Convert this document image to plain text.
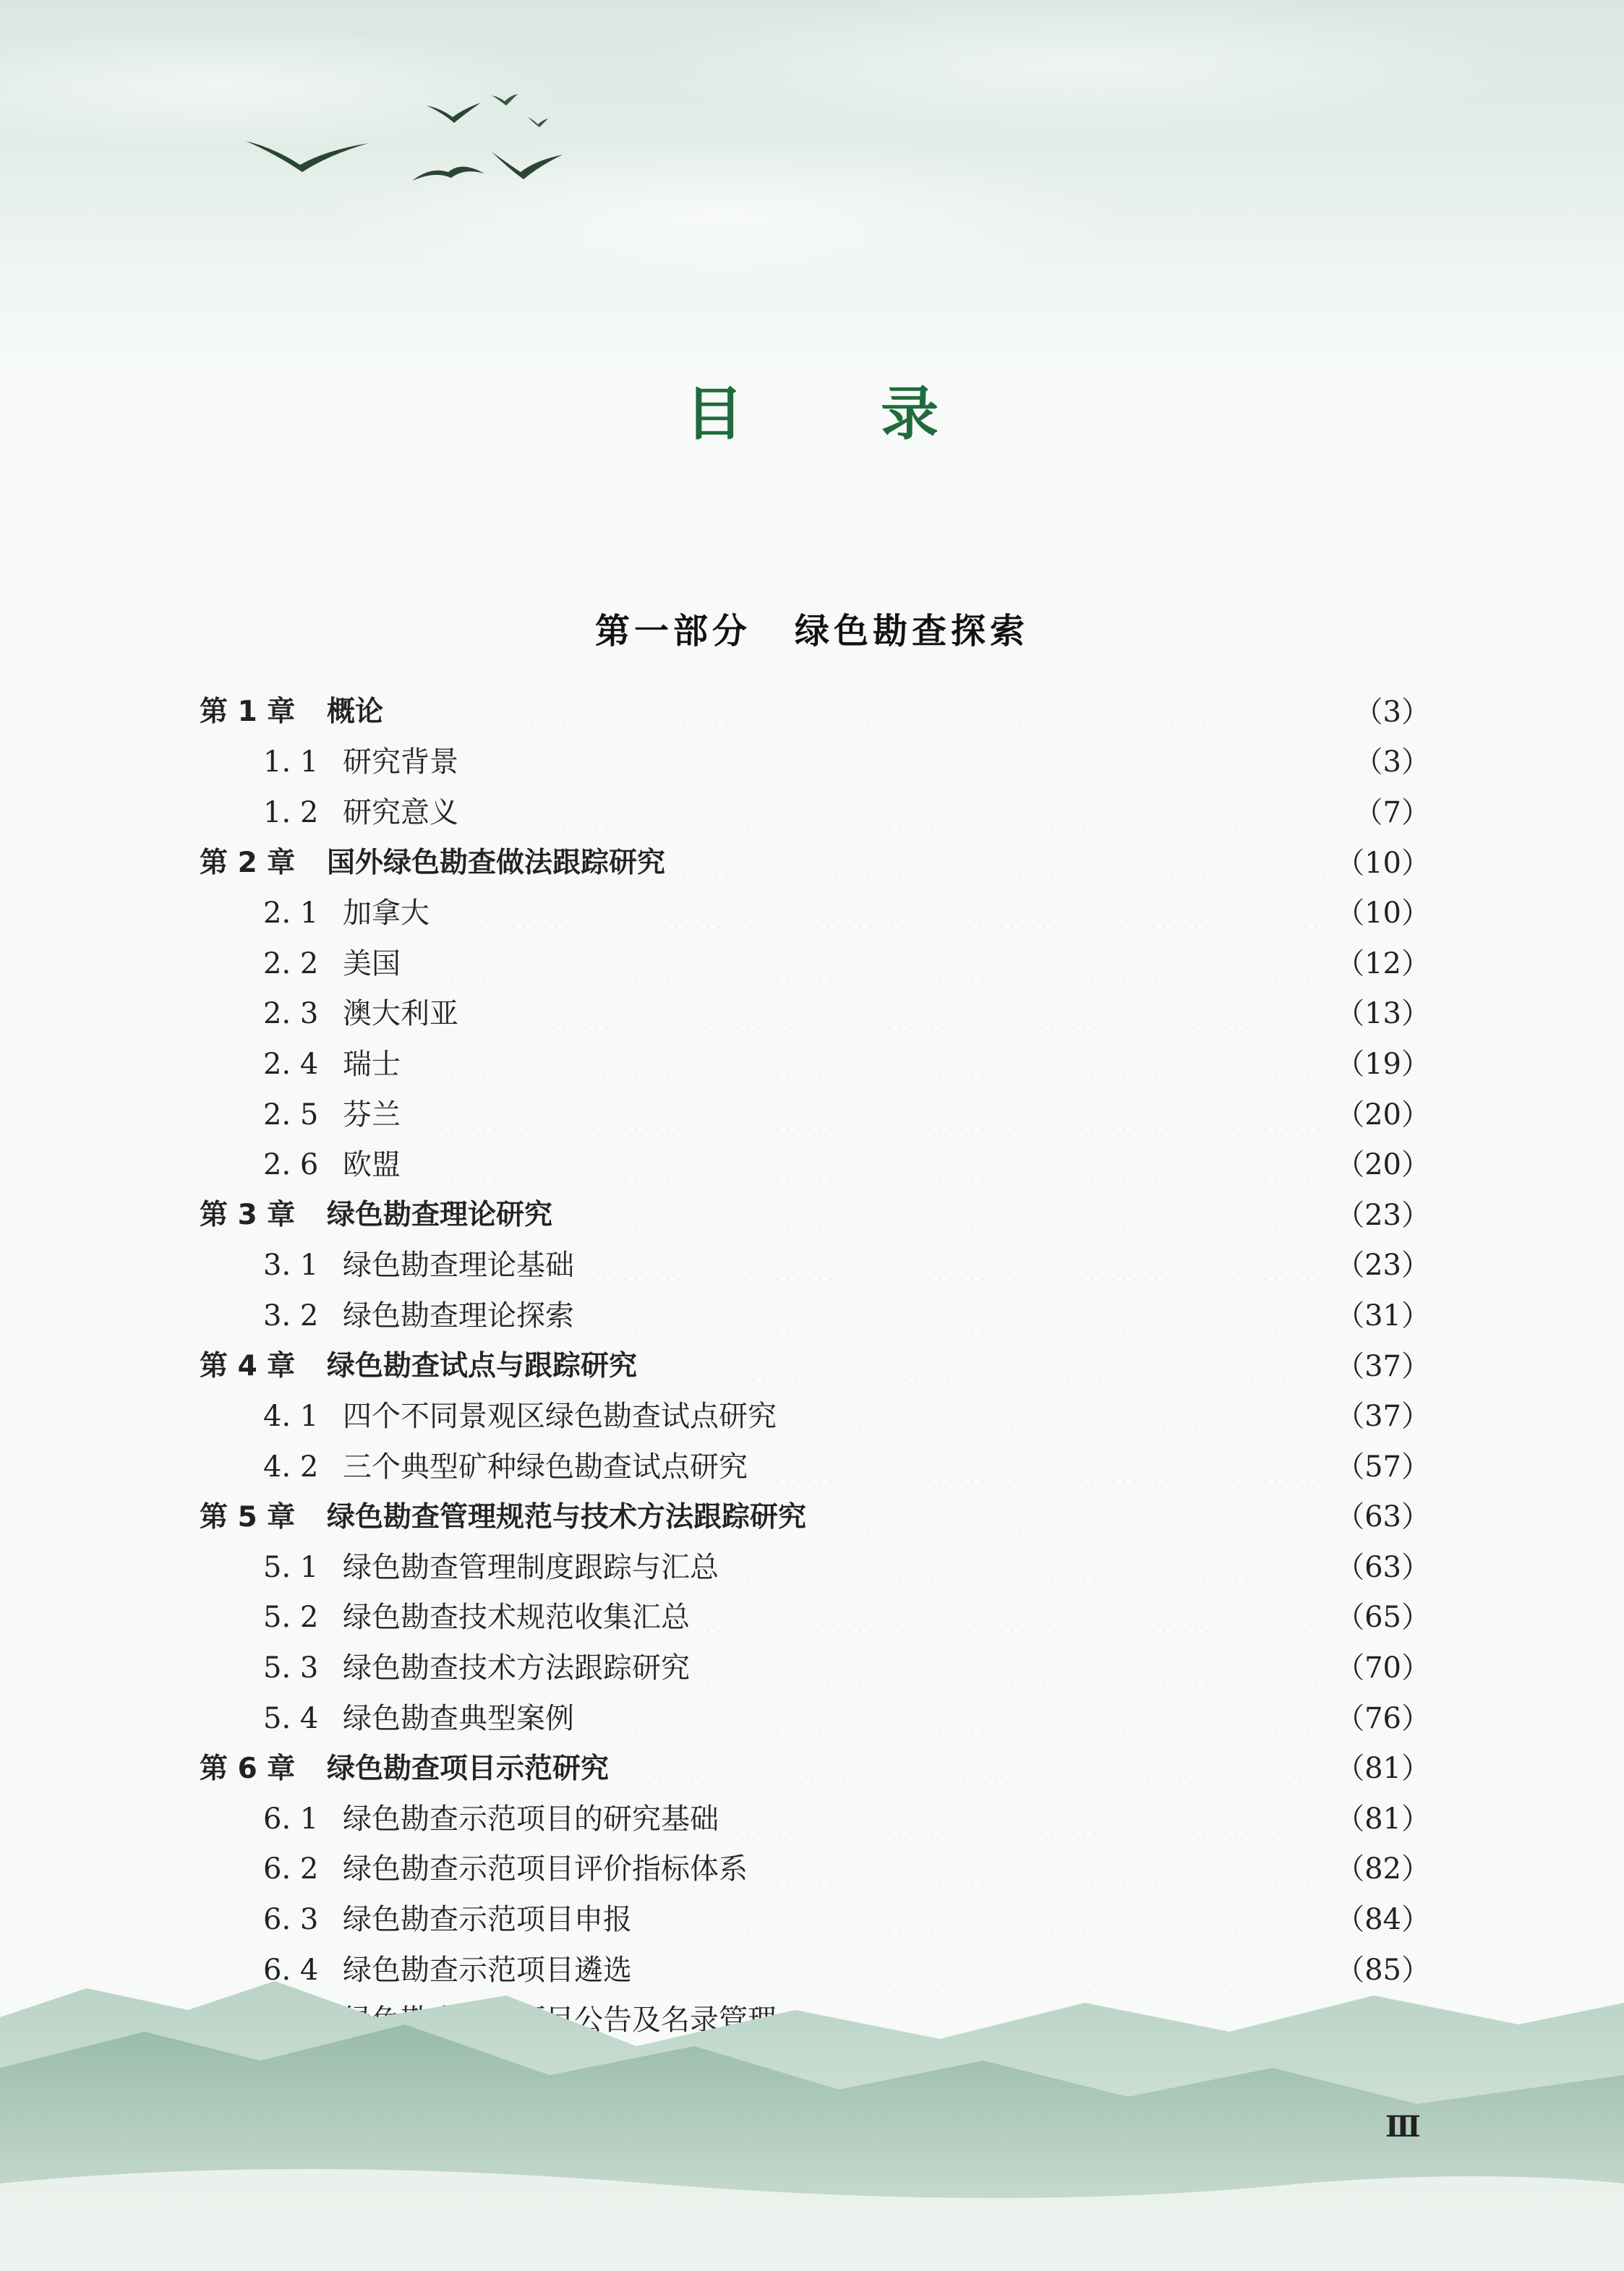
目 录
第一部分 绿色勘查探索
第 1 章	概论	（3）
1. 1 研究背景	（3）
1. 2 研究意义	（7）
第 2 章	国外绿色勘查做法跟踪研究	（10）
2. 1 加拿大	（10）
2. 2 美国	（12）
2. 3 澳大利亚	（13）
2. 4 瑞士	（19）
2. 5 芬兰	（20）
2. 6 欧盟	（20）
第 3 章	绿色勘查理论研究	（23）
3. 1 绿色勘查理论基础	（23）
3. 2 绿色勘查理论探索	（31）
第 4 章	绿色勘查试点与跟踪研究	（37）
4. 1 四个不同景观区绿色勘查试点研究	（37）
4. 2 三个典型矿种绿色勘查试点研究	（57）
第 5 章	绿色勘查管理规范与技术方法跟踪研究	（63）
5. 1 绿色勘查管理制度跟踪与汇总	（63）
5. 2 绿色勘查技术规范收集汇总	（65）
5. 3 绿色勘查技术方法跟踪研究	（70）
5. 4 绿色勘查典型案例	（76）
第 6 章	绿色勘查项目示范研究	（81）
6. 1 绿色勘查示范项目的研究基础	（81）
6. 2 绿色勘查示范项目评价指标体系	（82）
6. 3 绿色勘查示范项目申报	（84）
6. 4 绿色勘查示范项目遴选	（85）
Ⅲ
